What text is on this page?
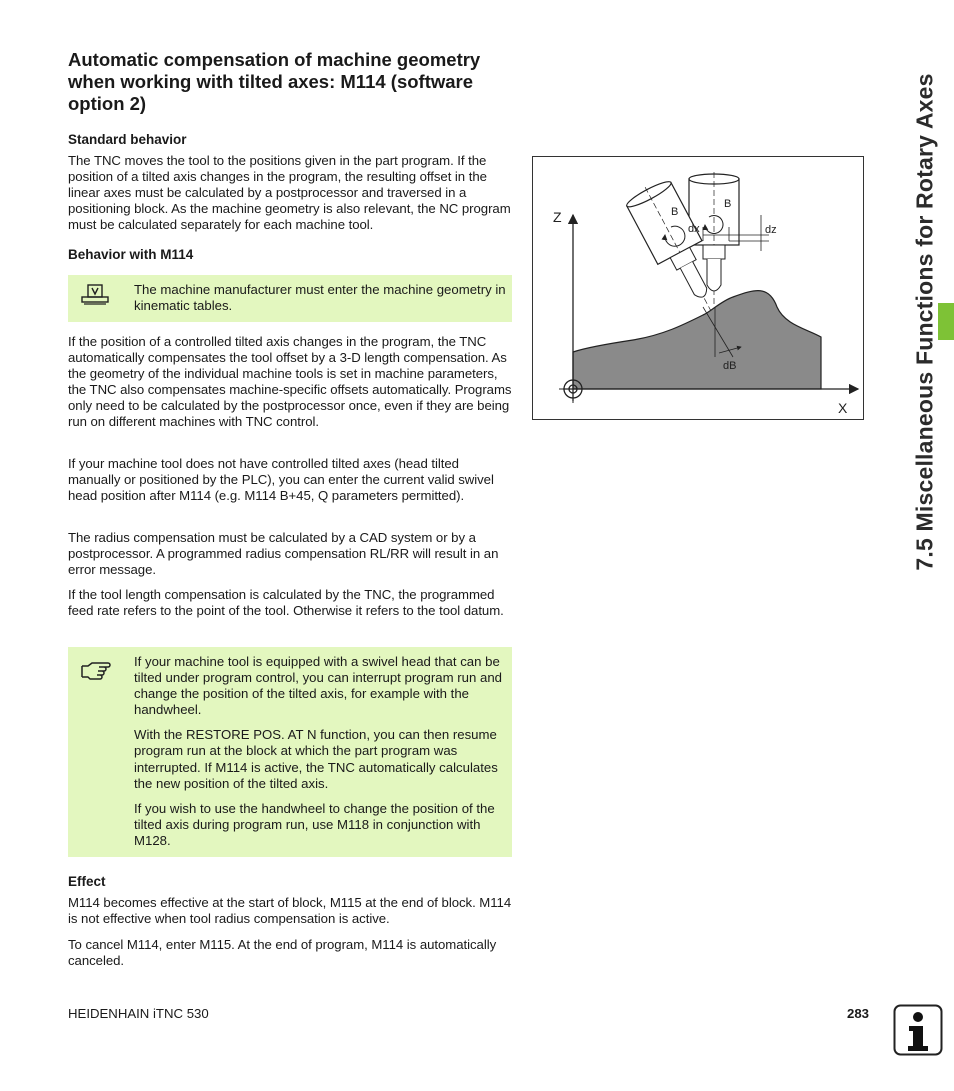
Automatic compensation of machine geometry
when working with tilted axes: M114 (software
option 2)
Standard behavior

The TNC moves the tool to the positions given in the part program. If the position of a tilted axis changes in the program, the resulting offset in the linear axes must be calculated by a postprocessor and traversed in a positioning block. As the machine geometry is also relevant, the NC program must be calculated separately for each machine tool.

Behavior with M114

The machine manufacturer must enter the machine geometry in kinematic tables.

If the position of a controlled tilted axis changes in the program, the TNC automatically compensates the tool offset by a 3-D length compensation. As the geometry of the individual machine tools is set in machine parameters, the TNC also compensates machine-specific offsets automatically. Programs only need to be calculated by the postprocessor once, even if they are being run on different machines with TNC control.

If your machine tool does not have controlled tilted axes (head tilted manually or positioned by the PLC), you can enter the current valid swivel head position after M114 (e.g. M114 B+45, Q parameters permitted).

The radius compensation must be calculated by a CAD system or by a postprocessor. A programmed radius compensation RL/RR will result in an error message.

If the tool length compensation is calculated by the TNC, the programmed feed rate refers to the point of the tool. Otherwise it refers to the tool datum.

If your machine tool is equipped with a swivel head that can be tilted under program control, you can interrupt program run and change the position of the tilted axis, for example with the handwheel.

With the RESTORE POS. AT N function, you can then resume program run at the block at which the part program was interrupted. If M114 is active, the TNC automatically calculates the new position of the tilted axis.

If you wish to use the handwheel to change the position of the tilted axis during program run, use M118 in conjunction with M128.

Effect

M114 becomes effective at the start of block, M115 at the end of block. M114 is not effective when tool radius compensation is active.

To cancel M114, enter M115. At the end of program, M114 is automatically canceled.

Z
X
B
B
dx	dz
dB	7.5 Miscellaneous Functions for Rotary Axes
HEIDENHAIN iTNC 530	283
